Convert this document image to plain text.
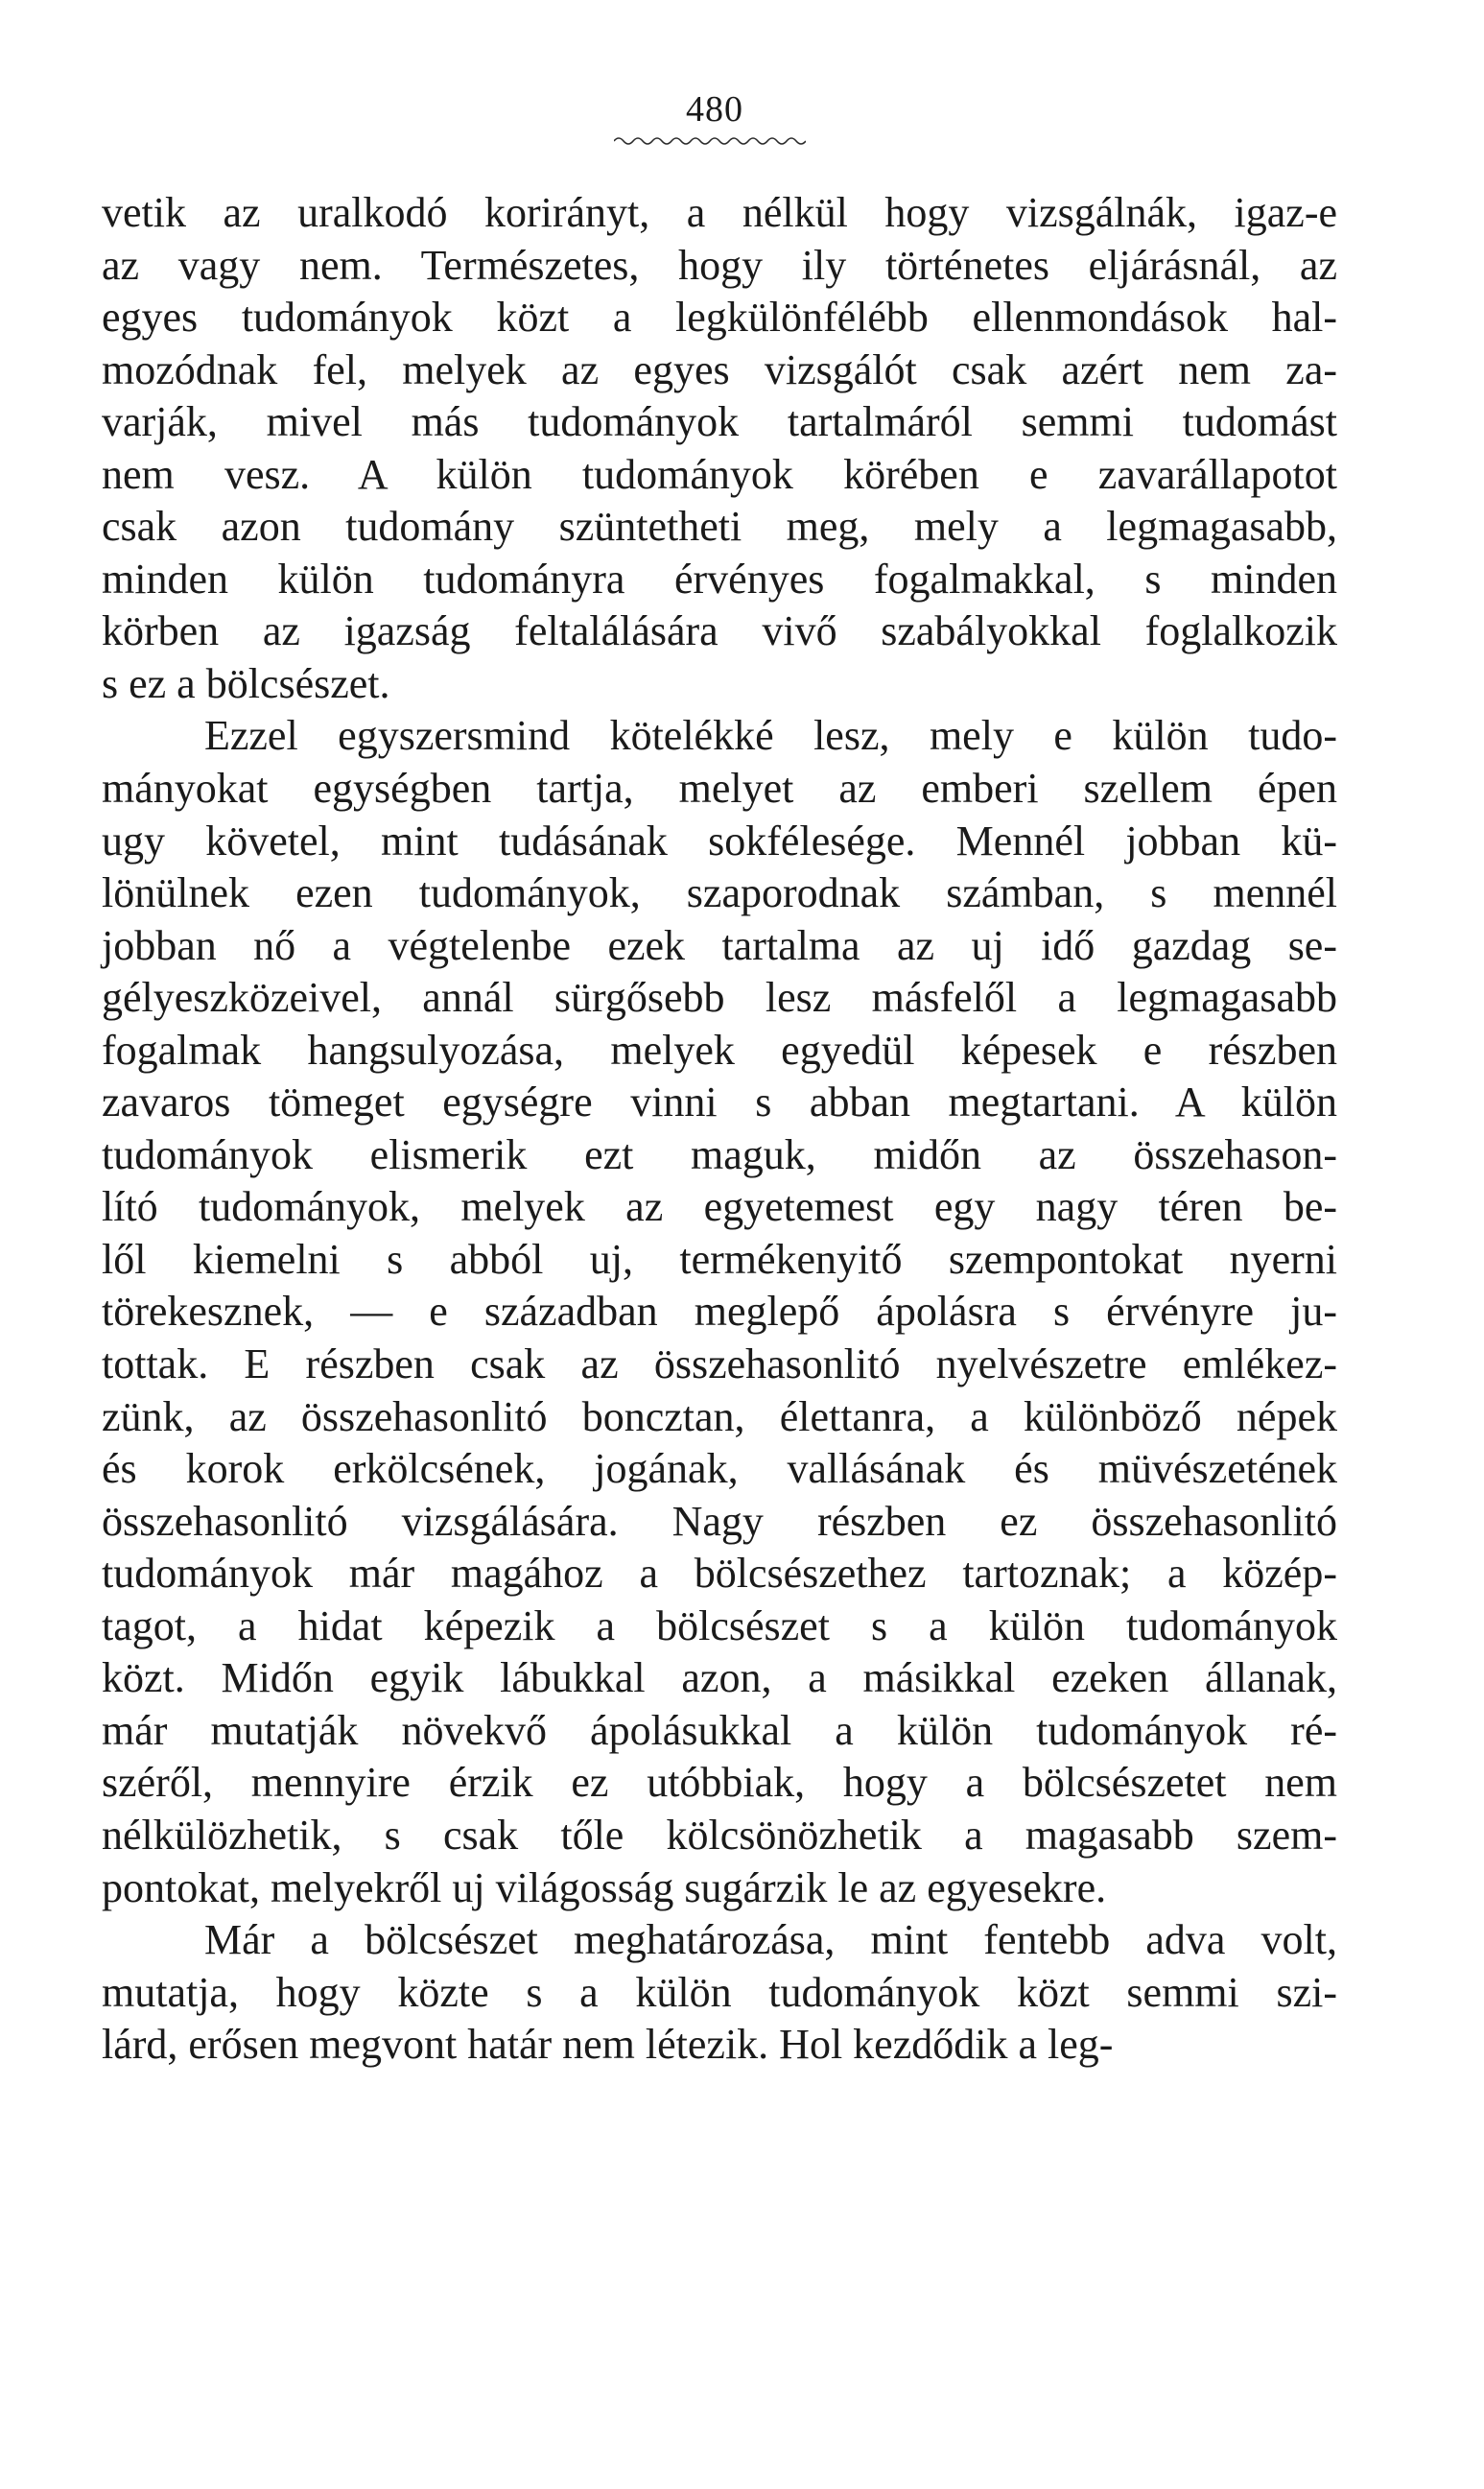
480
vetik az uralkodó korirányt, a nélkül hogy vizsgálnák, igaz-e
az vagy nem. Természetes, hogy ily történetes eljárásnál, az
egyes tudományok közt a legkülönfélébb ellenmondások hal-
mozódnak fel, melyek az egyes vizsgálót csak azért nem za-
varják, mivel más tudományok tartalmáról semmi tudomást
nem vesz. A külön tudományok körében e zavarállapotot
csak azon tudomány szüntetheti meg, mely a legmagasabb,
minden külön tudományra érvényes fogalmakkal, s minden
körben az igazság feltalálására vivő szabályokkal foglalkozik
s ez a bölcsészet.
Ezzel egyszersmind kötelékké lesz, mely e külön tudo-
mányokat egységben tartja, melyet az emberi szellem épen
ugy követel, mint tudásának sokfélesége. Mennél jobban kü-
lönülnek ezen tudományok, szaporodnak számban, s mennél
jobban nő a végtelenbe ezek tartalma az uj idő gazdag se-
gélyeszközeivel, annál sürgősebb lesz másfelől a legmagasabb
fogalmak hangsulyozása, melyek egyedül képesek e részben
zavaros tömeget egységre vinni s abban megtartani. A külön
tudományok elismerik ezt maguk, midőn az összehason-
lító tudományok, melyek az egyetemest egy nagy téren be-
lől kiemelni s abból uj, termékenyitő szempontokat nyerni
törekesznek, — e században meglepő ápolásra s érvényre ju-
tottak. E részben csak az összehasonlitó nyelvészetre emlékez-
zünk, az összehasonlitó boncztan, élettanra, a különböző népek
és korok erkölcsének, jogának, vallásának és müvészetének
összehasonlitó vizsgálására. Nagy részben ez összehasonlitó
tudományok már magához a bölcsészethez tartoznak; a közép-
tagot, a hidat képezik a bölcsészet s a külön tudományok
közt. Midőn egyik lábukkal azon, a másikkal ezeken állanak,
már mutatják növekvő ápolásukkal a külön tudományok ré-
széről, mennyire érzik ez utóbbiak, hogy a bölcsészetet nem
nélkülözhetik, s csak tőle kölcsönözhetik a magasabb szem-
pontokat, melyekről uj világosság sugárzik le az egyesekre.
Már a bölcsészet meghatározása, mint fentebb adva volt,
mutatja, hogy közte s a külön tudományok közt semmi szi-
lárd, erősen megvont határ nem létezik. Hol kezdődik a leg-
